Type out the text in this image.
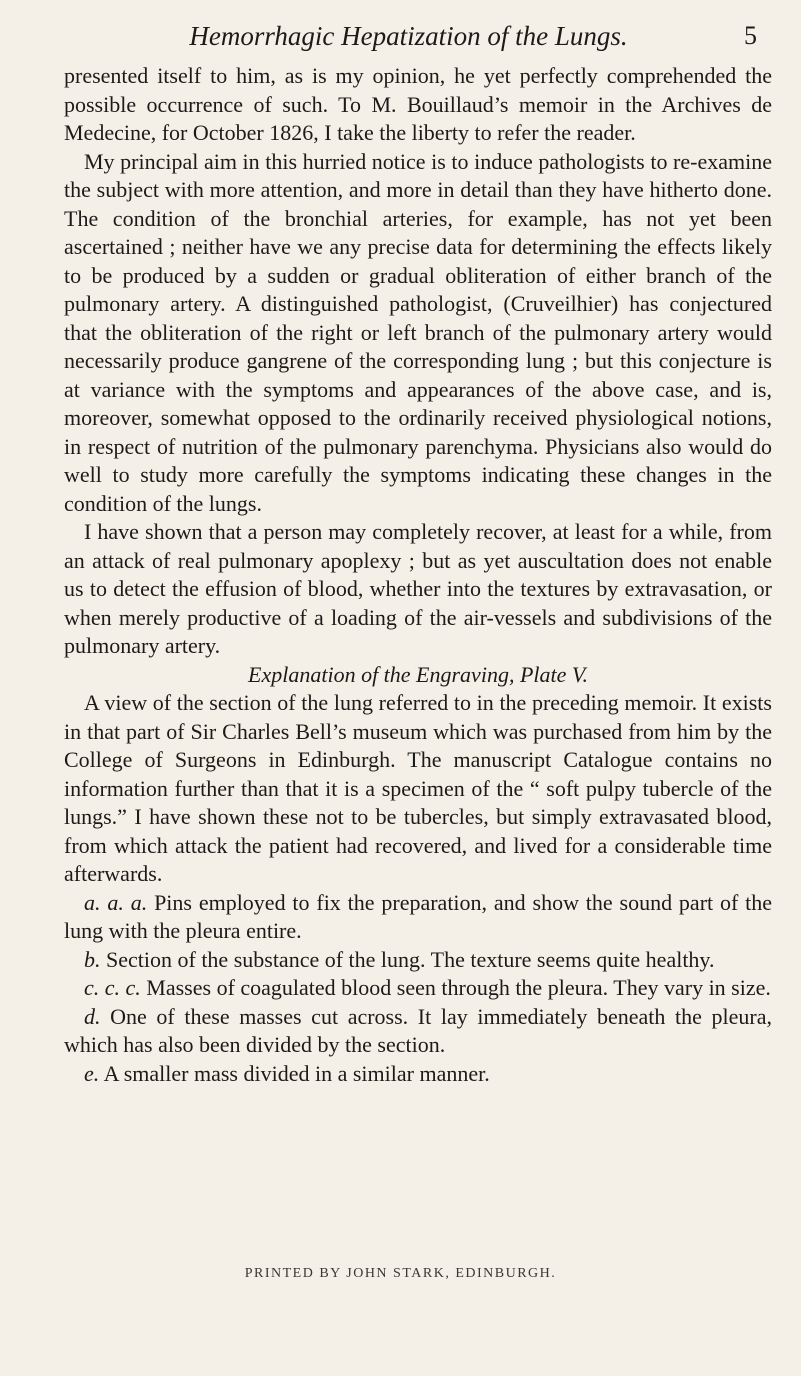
Hemorrhagic Hepatization of the Lungs.	5

presented itself to him, as is my opinion, he yet perfectly comprehended the possible occurrence of such. To M. Bouillaud’s memoir in the Archives de Medecine, for October 1826, I take the liberty to refer the reader.

My principal aim in this hurried notice is to induce pathologists to re-examine the subject with more attention, and more in detail than they have hitherto done. The condition of the bronchial arteries, for example, has not yet been ascertained ; neither have we any precise data for determining the effects likely to be produced by a sudden or gradual obliteration of either branch of the pulmonary artery. A distinguished pathologist, (Cruveilhier) has conjectured that the obliteration of the right or left branch of the pulmonary artery would necessarily produce gangrene of the corresponding lung ; but this conjecture is at variance with the symptoms and appearances of the above case, and is, moreover, somewhat opposed to the ordinarily received physiological notions, in respect of nutrition of the pulmonary parenchyma. Physicians also would do well to study more carefully the symptoms indicating these changes in the condition of the lungs.

I have shown that a person may completely recover, at least for a while, from an attack of real pulmonary apoplexy ; but as yet auscultation does not enable us to detect the effusion of blood, whether into the textures by extravasation, or when merely productive of a loading of the air-vessels and subdivisions of the pulmonary artery.

Explanation of the Engraving, Plate V.

A view of the section of the lung referred to in the preceding memoir. It exists in that part of Sir Charles Bell’s museum which was purchased from him by the College of Surgeons in Edinburgh. The manuscript Catalogue contains no information further than that it is a specimen of the “ soft pulpy tubercle of the lungs.” I have shown these not to be tubercles, but simply extravasated blood, from which attack the patient had recovered, and lived for a considerable time afterwards.

a. a. a. Pins employed to fix the preparation, and show the sound part of the lung with the pleura entire.

b. Section of the substance of the lung. The texture seems quite healthy.

c. c. c. Masses of coagulated blood seen through the pleura. They vary in size.

d. One of these masses cut across. It lay immediately beneath the pleura, which has also been divided by the section.

e. A smaller mass divided in a similar manner.

PRINTED BY JOHN STARK, EDINBURGH.
